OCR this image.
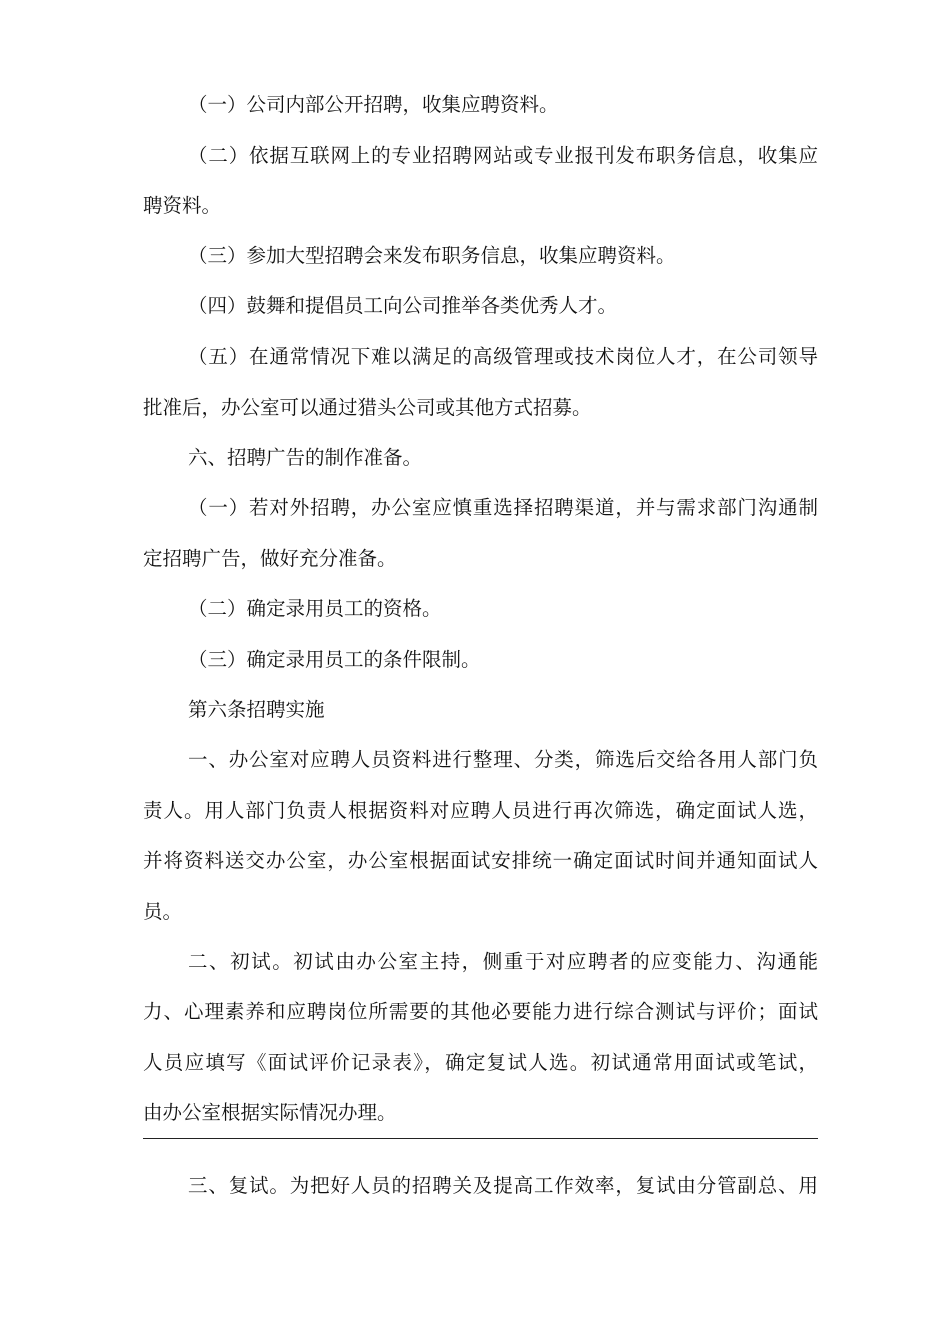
（一）公司内部公开招聘，收集应聘资料。
（二）依据互联网上的专业招聘网站或专业报刊发布职务信息，收集应
聘资料。
（三）参加大型招聘会来发布职务信息，收集应聘资料。
（四）鼓舞和提倡员工向公司推举各类优秀人才。
（五）在通常情况下难以满足的高级管理或技术岗位人才，在公司领导
批准后，办公室可以通过猎头公司或其他方式招募。
六、招聘广告的制作准备。
（一）若对外招聘，办公室应慎重选择招聘渠道，并与需求部门沟通制
定招聘广告，做好充分准备。
（二）确定录用员工的资格。
（三）确定录用员工的条件限制。
第六条招聘实施
一、办公室对应聘人员资料进行整理、分类，筛选后交给各用人部门负
责人。用人部门负责人根据资料对应聘人员进行再次筛选，确定面试人选，
并将资料送交办公室，办公室根据面试安排统一确定面试时间并通知面试人
员。
二、初试。初试由办公室主持，侧重于对应聘者的应变能力、沟通能
力、心理素养和应聘岗位所需要的其他必要能力进行综合测试与评价；面试
人员应填写《面试评价记录表》，确定复试人选。初试通常用面试或笔试，
由办公室根据实际情况办理。
三、复试。为把好人员的招聘关及提高工作效率，复试由分管副总、用
